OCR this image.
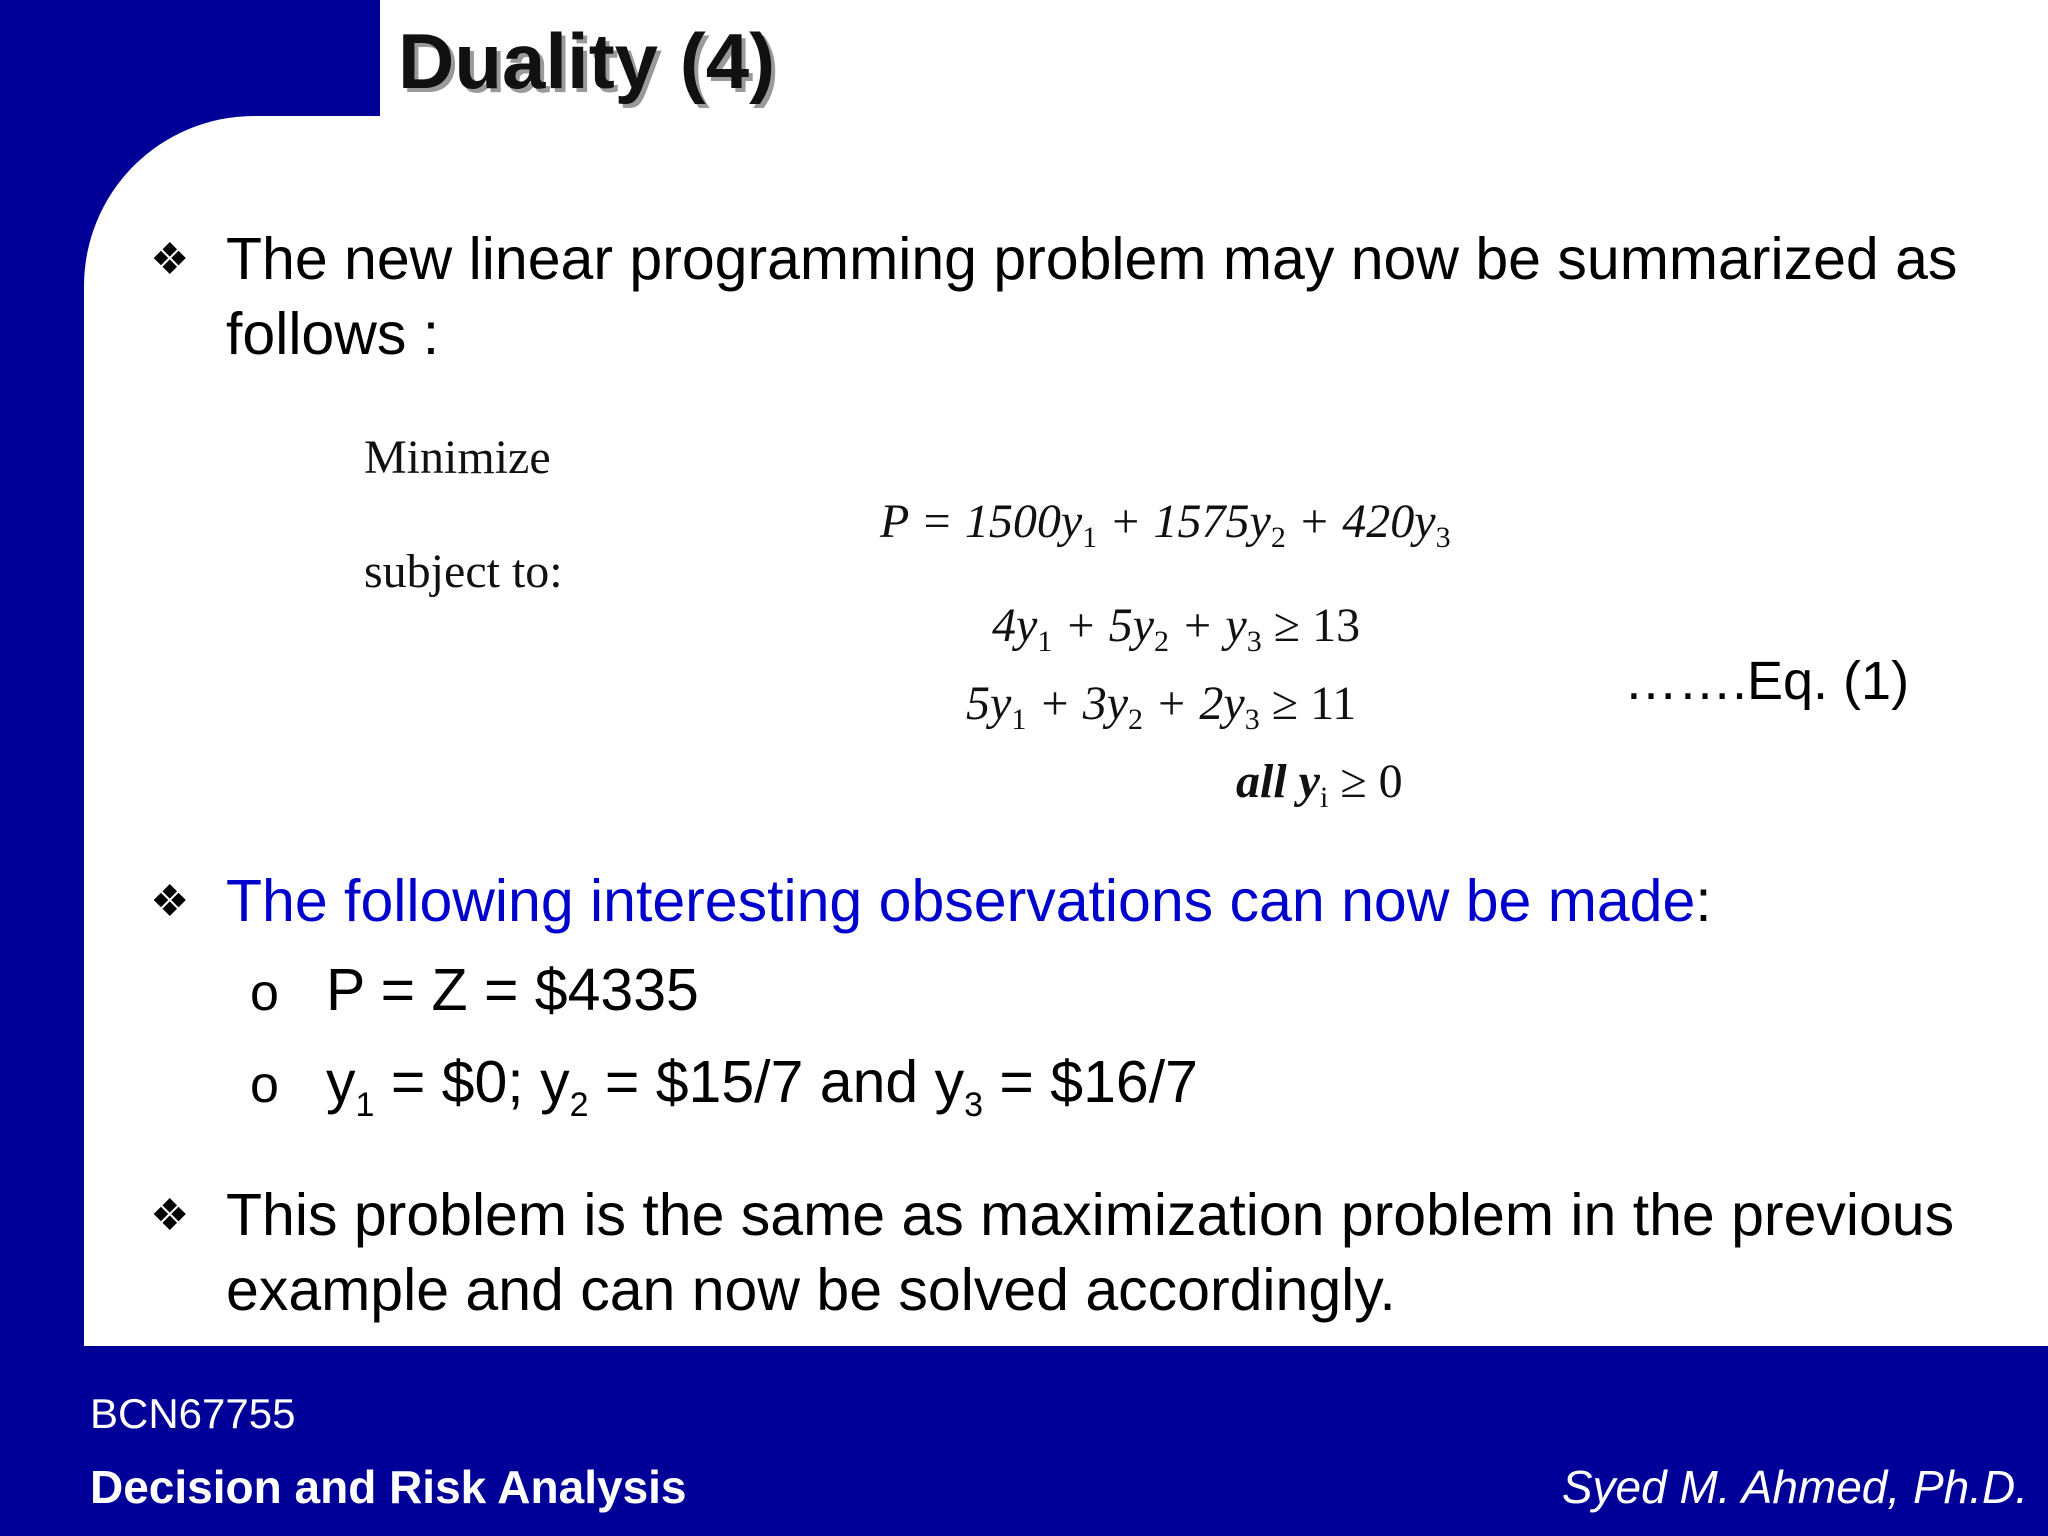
Duality (4)
❖ The new linear programming problem may now be summarized as follows :
Minimize
subject to:
$P = 1500y_1 + 1575y_2 + 420y_3$
$4y_1 + 5y_2 + y_3 \ge 13$
$5y_1 + 3y_2 + 2y_3 \ge 11$
all $y_i \ge 0$
…….Eq. (1)
❖ The following interesting observations can now be made:
o P = Z = $4335
o $y_1$ = $0; $y_2$ = $15/7 and $y_3$ = $16/7
❖ This problem is the same as maximization problem in the previous example and can now be solved accordingly.
BCN67755
Decision and Risk Analysis	Syed M. Ahmed, Ph.D.
